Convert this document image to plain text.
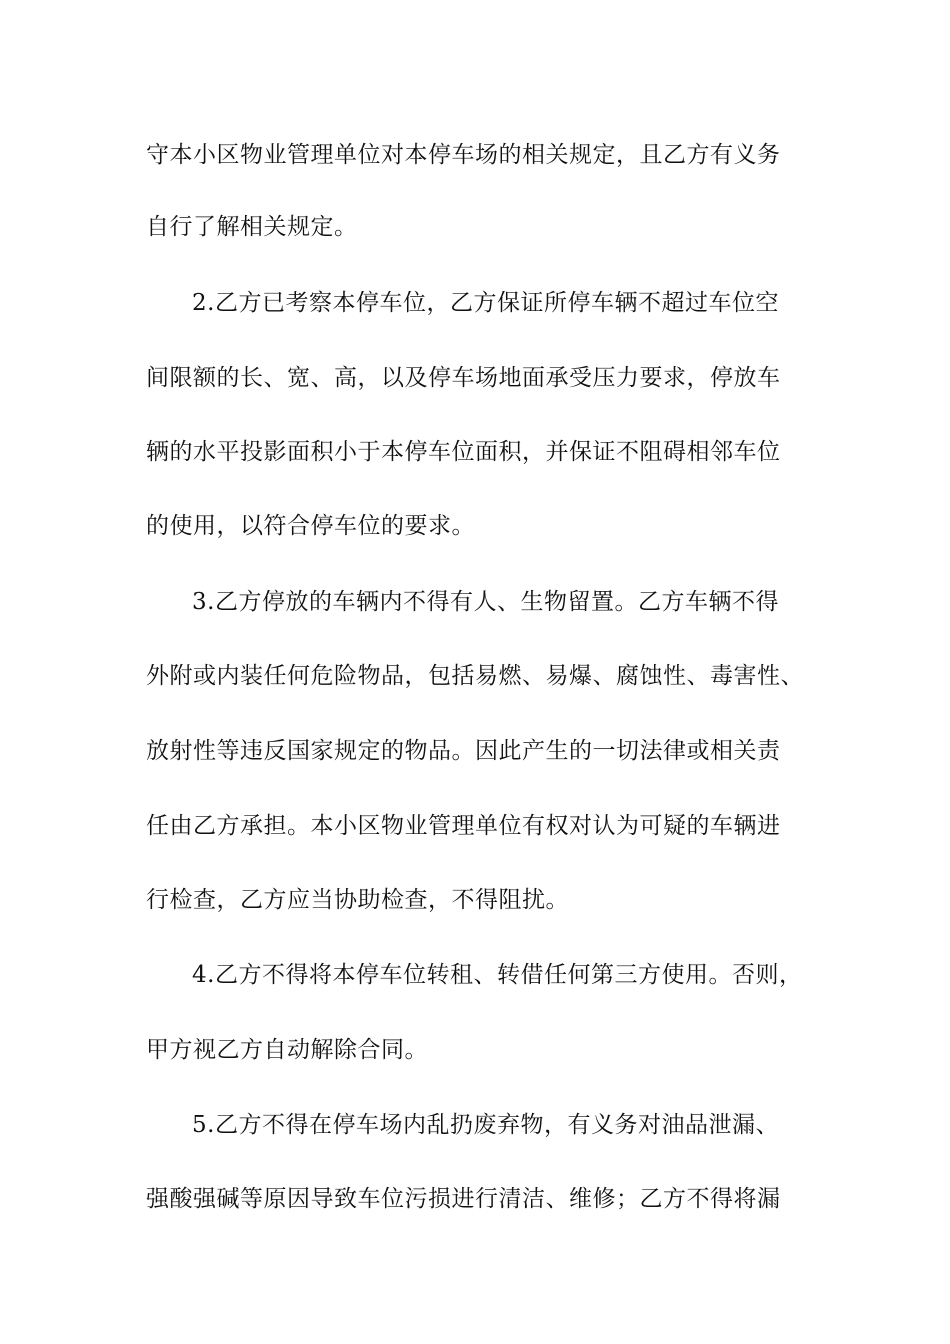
守本小区物业管理单位对本停车场的相关规定，且乙方有义务
自行了解相关规定。
2.乙方已考察本停车位，乙方保证所停车辆不超过车位空
间限额的长、宽、高，以及停车场地面承受压力要求，停放车
辆的水平投影面积小于本停车位面积，并保证不阻碍相邻车位
的使用，以符合停车位的要求。
3.乙方停放的车辆内不得有人、生物留置。乙方车辆不得
外附或内装任何危险物品，包括易燃、易爆、腐蚀性、毒害性、
放射性等违反国家规定的物品。因此产生的一切法律或相关责
任由乙方承担。本小区物业管理单位有权对认为可疑的车辆进
行检查，乙方应当协助检查，不得阻扰。
4.乙方不得将本停车位转租、转借任何第三方使用。否则，
甲方视乙方自动解除合同。
5.乙方不得在停车场内乱扔废弃物，有义务对油品泄漏、
强酸强碱等原因导致车位污损进行清洁、维修；乙方不得将漏
